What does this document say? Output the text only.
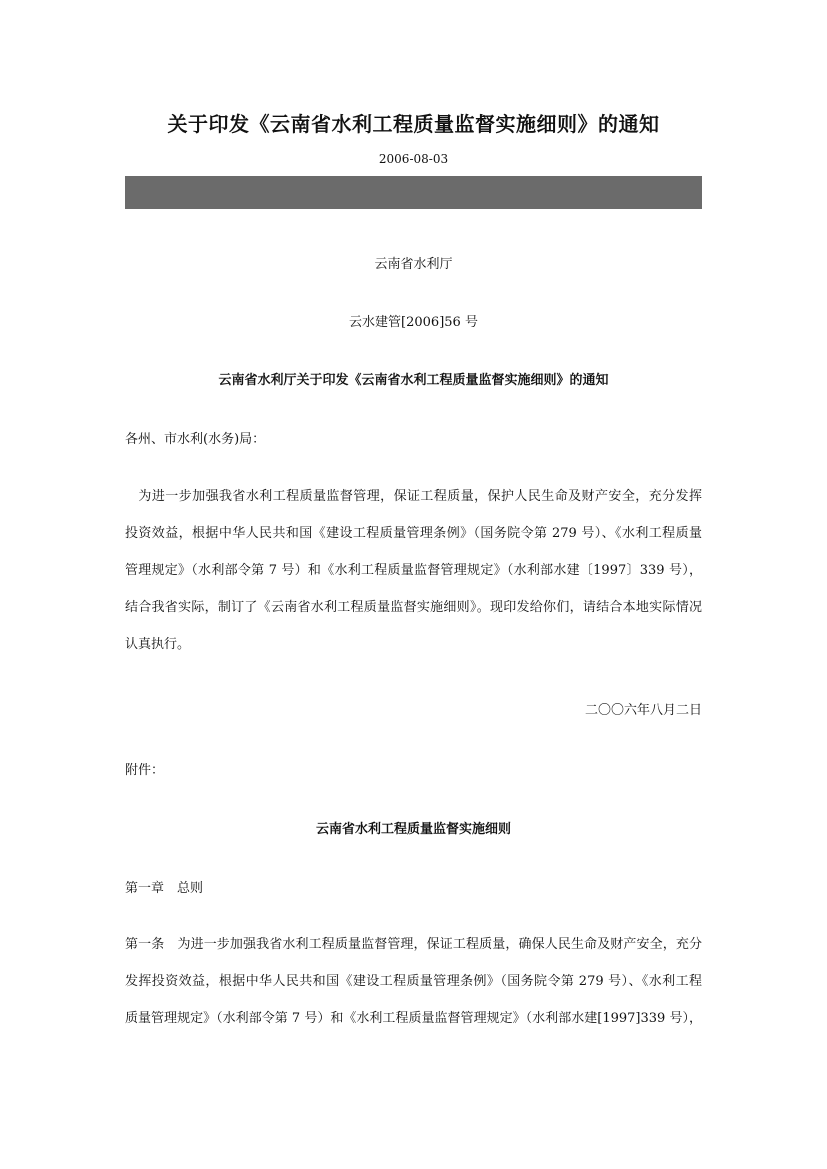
关于印发《云南省水利工程质量监督实施细则》的通知
2006-08-03
云南省水利厅
云水建管[2006]56 号
云南省水利厅关于印发《云南省水利工程质量监督实施细则》的通知
各州、市水利(水务)局：
　为进一步加强我省水利工程质量监督管理，保证工程质量，保护人民生命及财产安全，充分发挥
投资效益，根据中华人民共和国《建设工程质量管理条例》（国务院令第 279 号）、《水利工程质量
管理规定》（水利部令第 7 号）和《水利工程质量监督管理规定》（水利部水建〔1997〕339 号），
结合我省实际，制订了《云南省水利工程质量监督实施细则》。现印发给你们，请结合本地实际情况
认真执行。
二〇〇六年八月二日
附件：
云南省水利工程质量监督实施细则
第一章　总则
第一条　为进一步加强我省水利工程质量监督管理，保证工程质量，确保人民生命及财产安全，充分
发挥投资效益，根据中华人民共和国《建设工程质量管理条例》（国务院令第 279 号）、《水利工程
质量管理规定》（水利部令第 7 号）和《水利工程质量监督管理规定》（水利部水建[1997]339 号），
